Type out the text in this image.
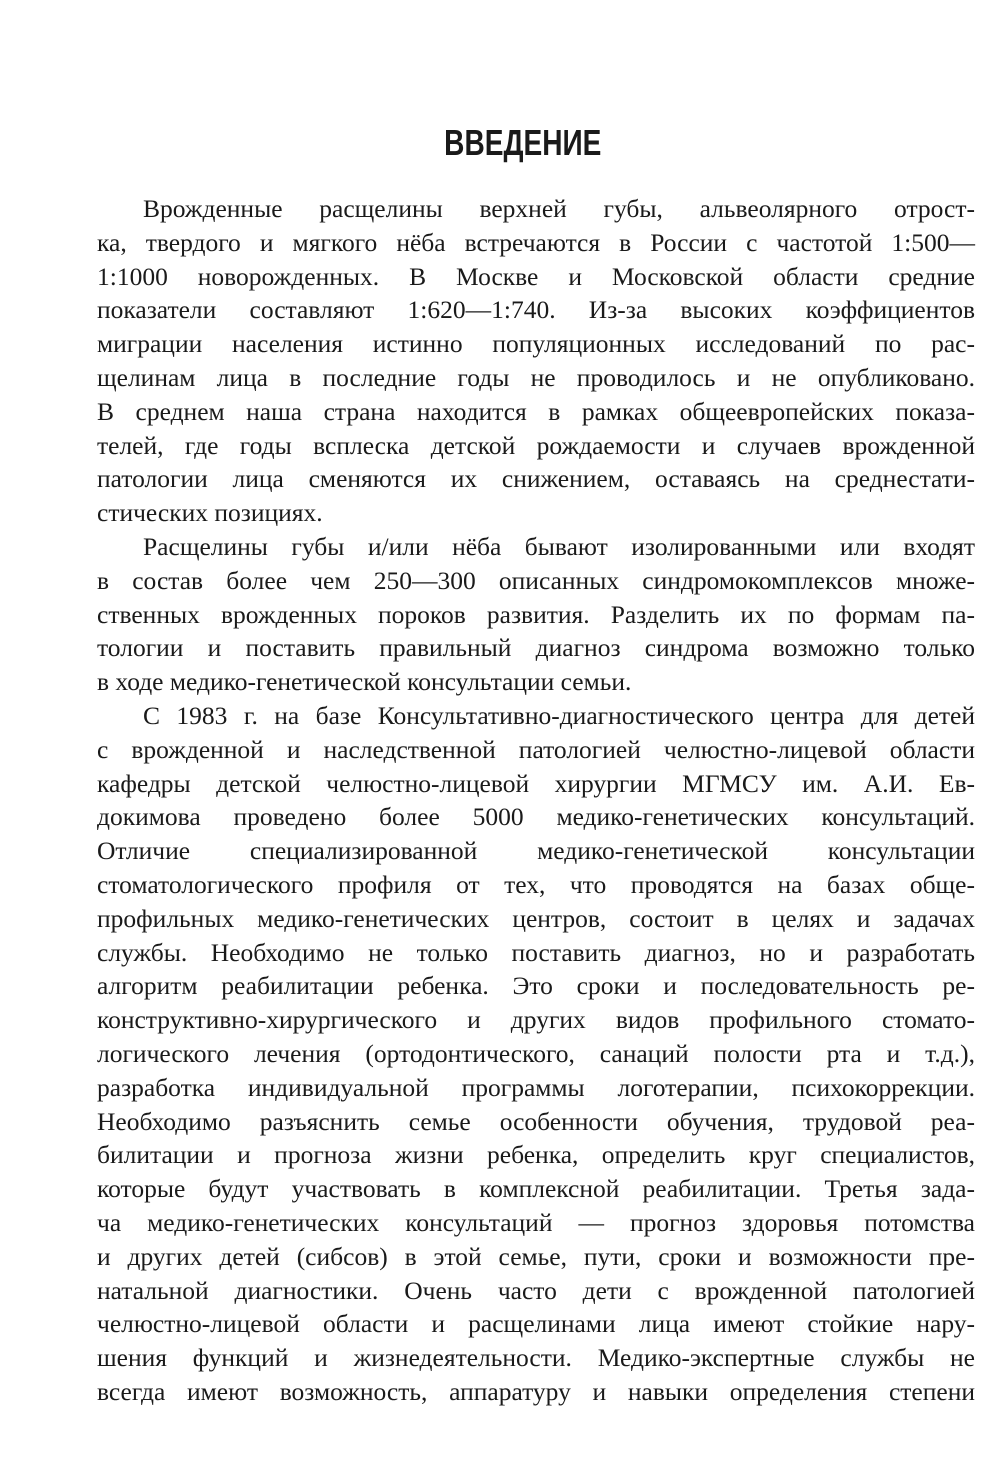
ВВЕДЕНИЕ
Врожденные расщелины верхней губы, альвеолярного отрост-
ка, твердого и мягкого нёба встречаются в России с частотой 1:500—
1:1000 новорожденных. В Москве и Московской области средние
показатели составляют 1:620—1:740. Из-за высоких коэффициентов
миграции населения истинно популяционных исследований по рас-
щелинам лица в последние годы не проводилось и не опубликовано.
В среднем наша страна находится в рамках общеевропейских показа-
телей, где годы всплеска детской рождаемости и случаев врожденной
патологии лица сменяются их снижением, оставаясь на среднестати-
стических позициях.
Расщелины губы и/или нёба бывают изолированными или входят
в состав более чем 250—300 описанных синдромокомплексов множе-
ственных врожденных пороков развития. Разделить их по формам па-
тологии и поставить правильный диагноз синдрома возможно только
в ходе медико-генетической консультации семьи.
С 1983 г. на базе Консультативно-диагностического центра для детей
с врожденной и наследственной патологией челюстно-лицевой области
кафедры детской челюстно-лицевой хирургии МГМСУ им. А.И. Ев-
докимова проведено более 5000 медико-генетических консультаций.
Отличие специализированной медико-генетической консультации
стоматологического профиля от тех, что проводятся на базах обще-
профильных медико-генетических центров, состоит в целях и задачах
службы. Необходимо не только поставить диагноз, но и разработать
алгоритм реабилитации ребенка. Это сроки и последовательность ре-
конструктивно-хирургического и других видов профильного стомато-
логического лечения (ортодонтического, санаций полости рта и т.д.),
разработка индивидуальной программы логотерапии, психокоррекции.
Необходимо разъяснить семье особенности обучения, трудовой реа-
билитации и прогноза жизни ребенка, определить круг специалистов,
которые будут участвовать в комплексной реабилитации. Третья зада-
ча медико-генетических консультаций — прогноз здоровья потомства
и других детей (сибсов) в этой семье, пути, сроки и возможности пре-
натальной диагностики. Очень часто дети с врожденной патологией
челюстно-лицевой области и расщелинами лица имеют стойкие нару-
шения функций и жизнедеятельности. Медико-экспертные службы не
всегда имеют возможность, аппаратуру и навыки определения степени
